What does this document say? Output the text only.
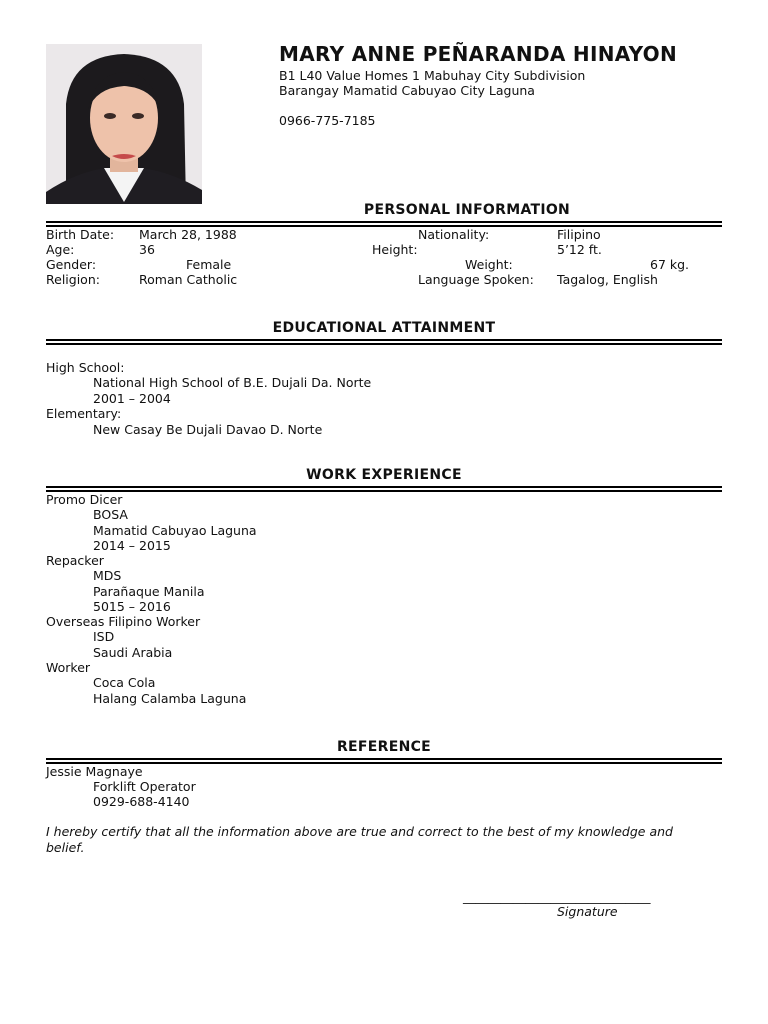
MARY ANNE PEÑARANDA HINAYON
B1 L40 Value Homes 1 Mabuhay City Subdivision
Barangay Mamatid Cabuyao City Laguna
0966-775-7185
PERSONAL INFORMATION
Birth Date: March 28, 1988	Nationality:	Filipino
Age:	36	Height:	5’12 ft.
Gender:	Female	Weight:	67 kg.
Religion:	Roman Catholic	Language Spoken: Tagalog, English
EDUCATIONAL ATTAINMENT
High School:
National High School of B.E. Dujali Da. Norte
2001 – 2004
Elementary:
New Casay Be Dujali Davao D. Norte
WORK EXPERIENCE
Promo Dicer
BOSA
Mamatid Cabuyao Laguna
2014 – 2015
Repacker
MDS
Parañaque Manila
5015 – 2016
Overseas Filipino Worker
ISD
Saudi Arabia
Worker
Coca Cola
Halang Calamba Laguna
REFERENCE
Jessie Magnaye
Forklift Operator
0929-688-4140
I hereby certify that all the information above are true and correct to the best of my knowledge and
belief.
______________________________
Signature
